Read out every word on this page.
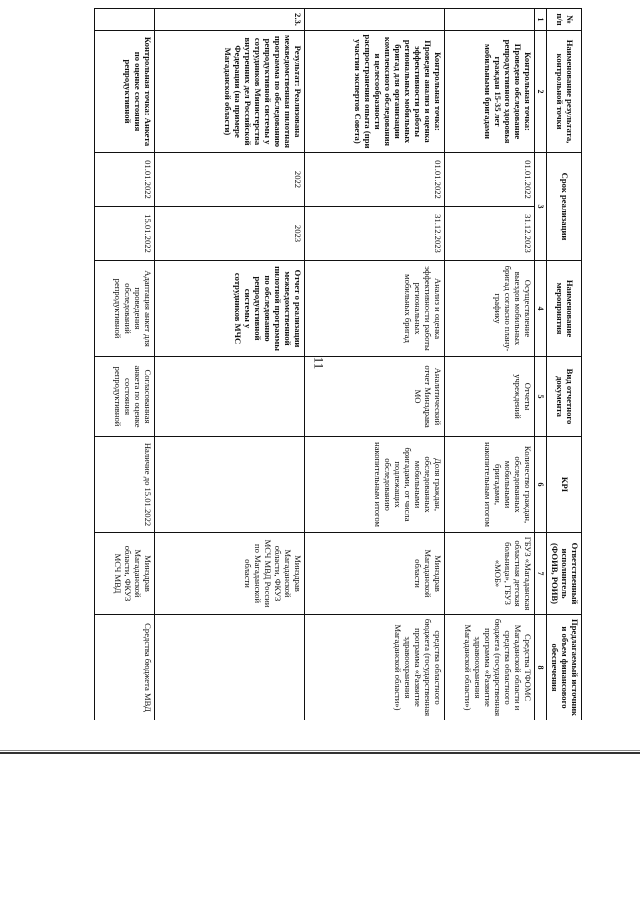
11
№ п/п	Наименование результата, контрольной точки	Срок реализации		Наименование мероприятия	Вид отчетного документа	KPI	Ответственный исполнитель (ФОИВ, РОИВ)	Предлагаемый источник и объем финансового обеспечения
1	2	3		4	5	6	7	8
	Контрольная точка: Проведено обследование репродуктивного здоровья граждан 15-35 лет мобильными бригадами	01.01.2022	31.12.2023	Осуществление выездов мобильных бригад согласно плану-графику	Отчеты учреждений	Количество граждан, обследованных мобильными бригадами, накопительным итогом	ГБУЗ «Магаданская областная детская больница», ГБУЗ «МОБ»	Средства ТФОМС Магаданской области и средства областного бюджета (государственная программа «Развитие здравоохранения Магаданской области»)
	Контрольная точка: Проведен анализ и оценка эффективности работы региональных мобильных бригад для организации комплексного обследования и целесообразности распространения опыта (при участии экспертов Совета)	01.01.2022	31.12.2023	Анализ и оценка эффективности работы региональных мобильных бригад	Аналитический отчет Минздрава МО	Доля граждан, обследованных мобильными бригадами, от числа подлежащих обследованию накопительным итогом	Минздрав Магаданской области	средства областного бюджета (государственная программа «Развитие здравоохранения Магаданской области»)
2.3.	Результат: Реализована межведомственная пилотная программа по обследованию репродуктивной системы у сотрудников Министерства внутренних дел Российской Федерации (на примере Магаданской области)	2022	2023	Отчет о реализации межведомственной пилотной программы по обследованию репродуктивной системы у сотрудников МЧС			Минздрав Магаданской области, ФКУЗ МСЧ МВД России по Магаданской области	
	Контрольная точка: Анкета по оценке состояния репродуктивной	01.01.2022	15.01.2022	Адаптация анкет для проведения обследований репродуктивной	Согласованная анкета по оценке состояния репродуктивной	Наличие до 15.01.2022	Минздрав Магаданской области, ФКУЗ МСЧ МВД	Средства бюджета МВД
